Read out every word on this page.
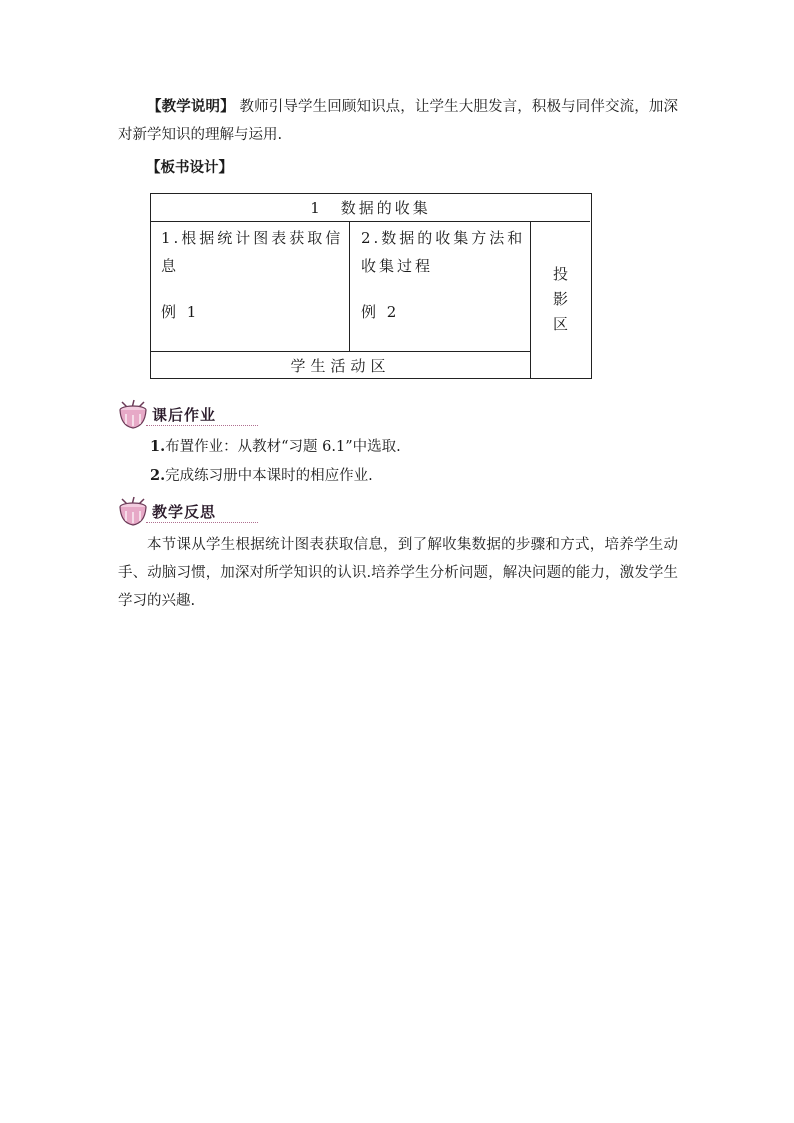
【教学说明】 教师引导学生回顾知识点，让学生大胆发言，积极与同伴交流，加深对新学知识的理解与运用.

【板书设计】
1　数据的收集
1.根据统计图表获取信息
例 1
2.数据的收集方法和收集过程
例 2
投影区
学生活动区
课后作业
1.布置作业：从教材“习题 6.1”中选取.
2.完成练习册中本课时的相应作业.
教学反思

本节课从学生根据统计图表获取信息，到了解收集数据的步骤和方式，培养学生动手、动脑习惯，加深对所学知识的认识.培养学生分析问题，解决问题的能力，激发学生学习的兴趣.
